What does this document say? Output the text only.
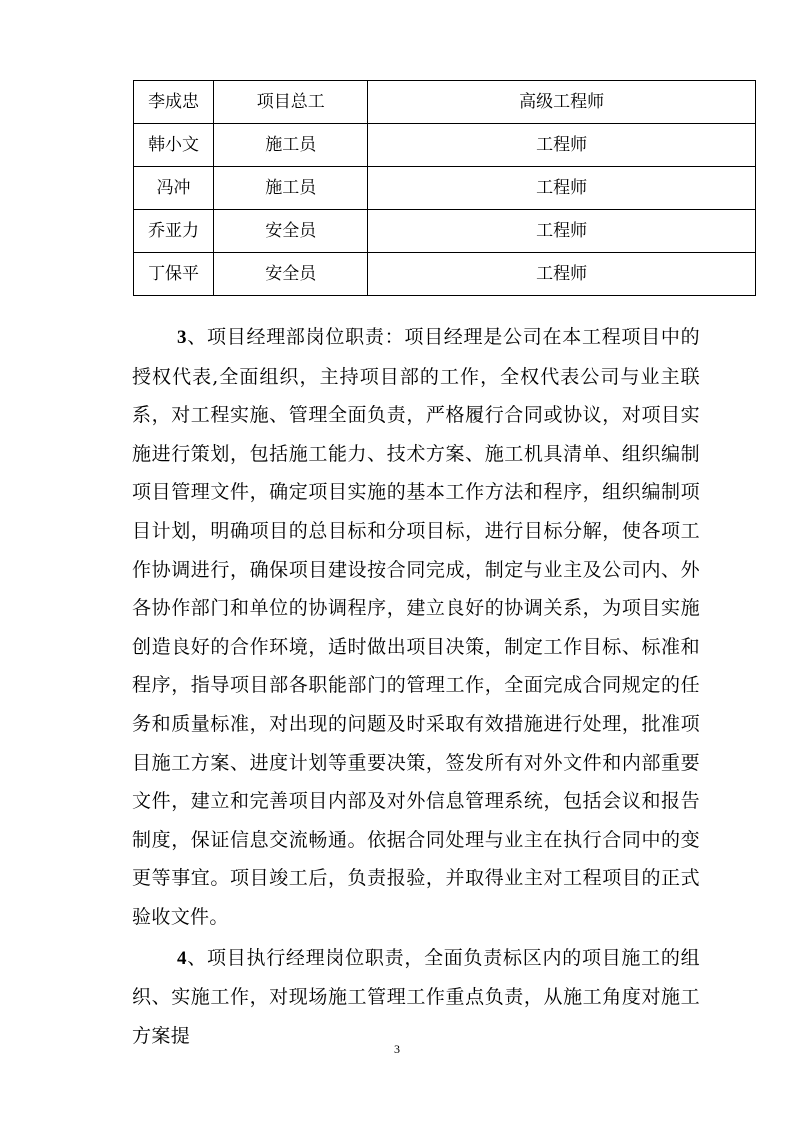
李成忠	项目总工	高级工程师
韩小文	施工员	工程师
冯冲	施工员	工程师
乔亚力	安全员	工程师
丁保平	安全员	工程师

3、项目经理部岗位职责：项目经理是公司在本工程项目中的授权代表,全面组织，主持项目部的工作，全权代表公司与业主联系，对工程实施、管理全面负责，严格履行合同或协议，对项目实施进行策划，包括施工能力、技术方案、施工机具清单、组织编制项目管理文件，确定项目实施的基本工作方法和程序，组织编制项目计划，明确项目的总目标和分项目标，进行目标分解，使各项工作协调进行，确保项目建设按合同完成，制定与业主及公司内、外各协作部门和单位的协调程序，建立良好的协调关系，为项目实施创造良好的合作环境，适时做出项目决策，制定工作目标、标准和程序，指导项目部各职能部门的管理工作，全面完成合同规定的任务和质量标准，对出现的问题及时采取有效措施进行处理，批准项目施工方案、进度计划等重要决策，签发所有对外文件和内部重要文件，建立和完善项目内部及对外信息管理系统，包括会议和报告制度，保证信息交流畅通。依据合同处理与业主在执行合同中的变更等事宜。项目竣工后，负责报验，并取得业主对工程项目的正式验收文件。

4、项目执行经理岗位职责，全面负责标区内的项目施工的组织、实施工作，对现场施工管理工作重点负责，从施工角度对施工方案提

3
